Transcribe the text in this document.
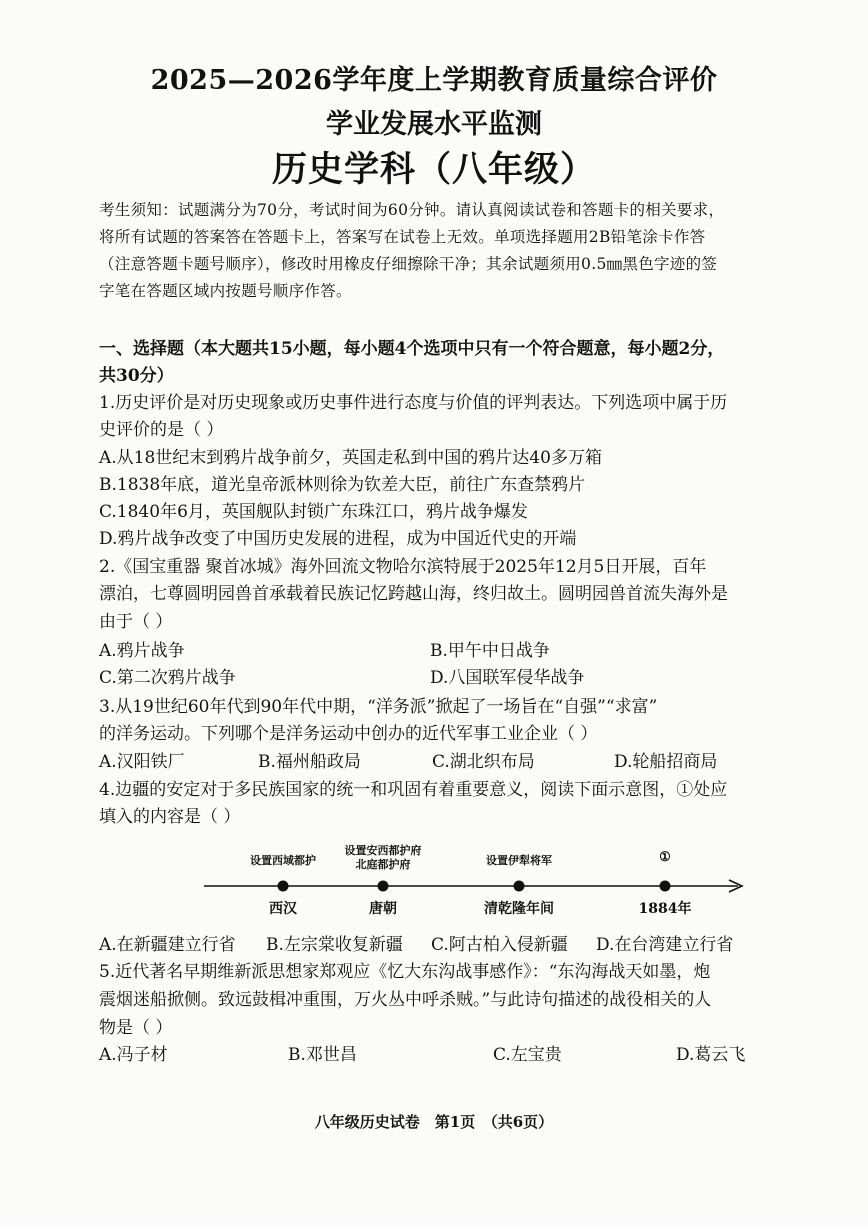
2025—2026学年度上学期教育质量综合评价
学业发展水平监测
历史学科（八年级）
考生须知：试题满分为70分，考试时间为60分钟。请认真阅读试卷和答题卡的相关要求，
将所有试题的答案答在答题卡上，答案写在试卷上无效。单项选择题用2B铅笔涂卡作答
（注意答题卡题号顺序），修改时用橡皮仔细擦除干净；其余试题须用0.5㎜黑色字迹的签
字笔在答题区域内按题号顺序作答。
一、选择题（本大题共15小题，每小题4个选项中只有一个符合题意，每小题2分，
共30分）
1.历史评价是对历史现象或历史事件进行态度与价值的评判表达。下列选项中属于历
史评价的是（ ）
A.从18世纪末到鸦片战争前夕，英国走私到中国的鸦片达40多万箱
B.1838年底，道光皇帝派林则徐为钦差大臣，前往广东查禁鸦片
C.1840年6月，英国舰队封锁广东珠江口，鸦片战争爆发
D.鸦片战争改变了中国历史发展的进程，成为中国近代史的开端
2.《国宝重器 聚首冰城》海外回流文物哈尔滨特展于2025年12月5日开展，百年
漂泊，七尊圆明园兽首承载着民族记忆跨越山海，终归故土。圆明园兽首流失海外是
由于（ ）
A.鸦片战争	B.甲午中日战争
C.第二次鸦片战争	D.八国联军侵华战争
3.从19世纪60年代到90年代中期，“洋务派”掀起了一场旨在“自强”“求富”
的洋务运动。下列哪个是洋务运动中创办的近代军事工业企业（ ）
A.汉阳铁厂	B.福州船政局	C.湖北织布局	D.轮船招商局
4.边疆的安定对于多民族国家的统一和巩固有着重要意义，阅读下面示意图，①处应
填入的内容是（ ）
设置西域都护
设置安西都护府
北庭都护府	设置伊犁将军	①
西汉	唐朝	清乾隆年间	1884年
A.在新疆建立行省 B.左宗棠收复新疆 C.阿古柏入侵新疆 D.在台湾建立行省
5.近代著名早期维新派思想家郑观应《忆大东沟战事感作》：“东沟海战天如墨，炮
震烟迷船掀侧。致远鼓楫冲重围，万火丛中呼杀贼。”与此诗句描述的战役相关的人
物是（ ）
A.冯子材	B.邓世昌	C.左宝贵	D.葛云飞
八年级历史试卷　第1页　（共6页）
